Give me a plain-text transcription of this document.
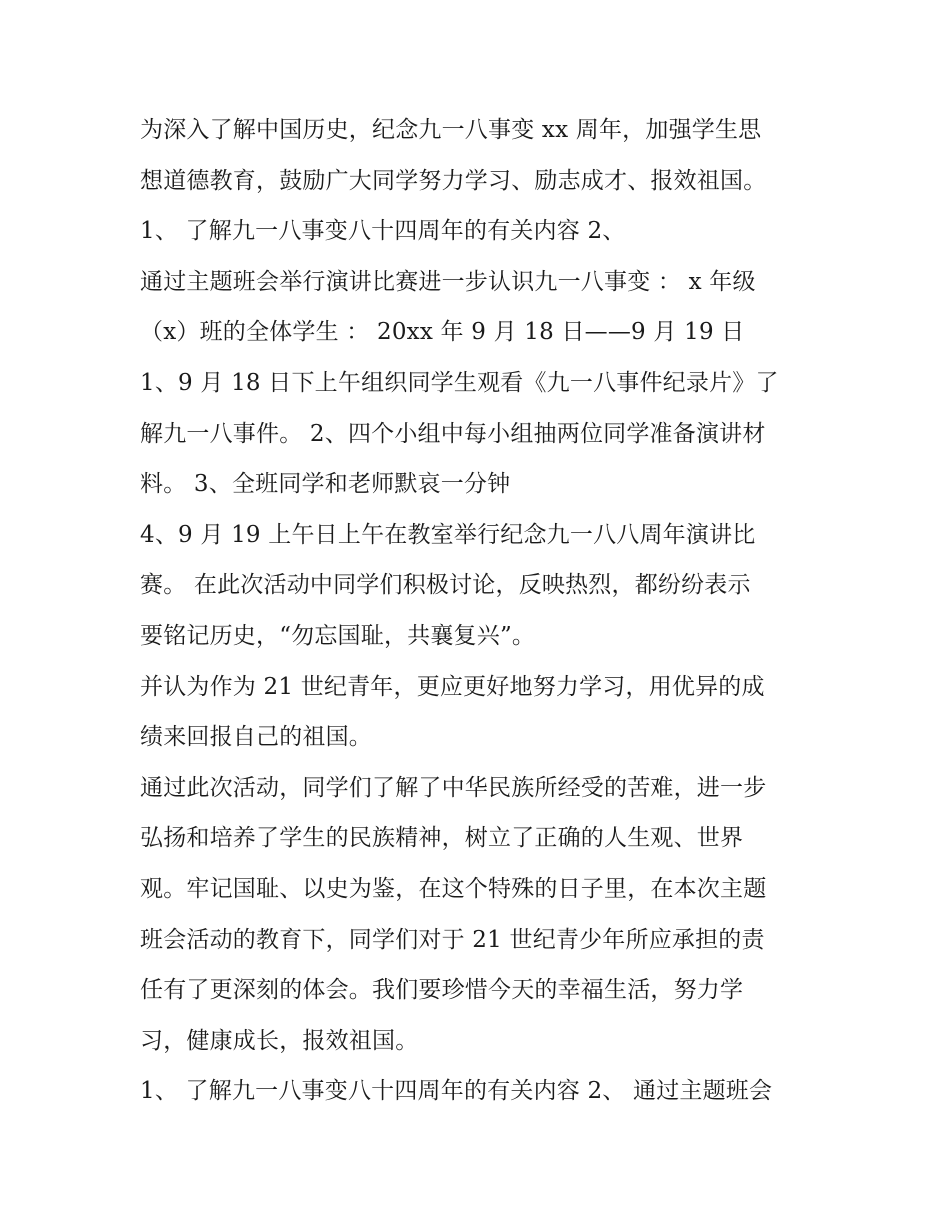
为深入了解中国历史，纪念九一八事变 xx 周年，加强学生思
想道德教育，鼓励广大同学努力学习、励志成才、报效祖国。
1、 了解九一八事变八十四周年的有关内容 2、
通过主题班会举行演讲比赛进一步认识九一八事变 ： x 年级
（x）班的全体学生 ： 20xx 年 9 月 18 日——9 月 19 日
1、9 月 18 日下上午组织同学生观看《九一八事件纪录片》了
解九一八事件。 2、四个小组中每小组抽两位同学准备演讲材
料。 3、全班同学和老师默哀一分钟
4、9 月 19 上午日上午在教室举行纪念九一八八周年演讲比
赛。 在此次活动中同学们积极讨论，反映热烈，都纷纷表示
要铭记历史，“勿忘国耻，共襄复兴”。
并认为作为 21 世纪青年，更应更好地努力学习，用优异的成
绩来回报自己的祖国。
通过此次活动，同学们了解了中华民族所经受的苦难，进一步
弘扬和培养了学生的民族精神，树立了正确的人生观、世界
观。牢记国耻、以史为鉴，在这个特殊的日子里，在本次主题
班会活动的教育下，同学们对于 21 世纪青少年所应承担的责
任有了更深刻的体会。我们要珍惜今天的幸福生活，努力学
习，健康成长，报效祖国。
1、 了解九一八事变八十四周年的有关内容 2、 通过主题班会
